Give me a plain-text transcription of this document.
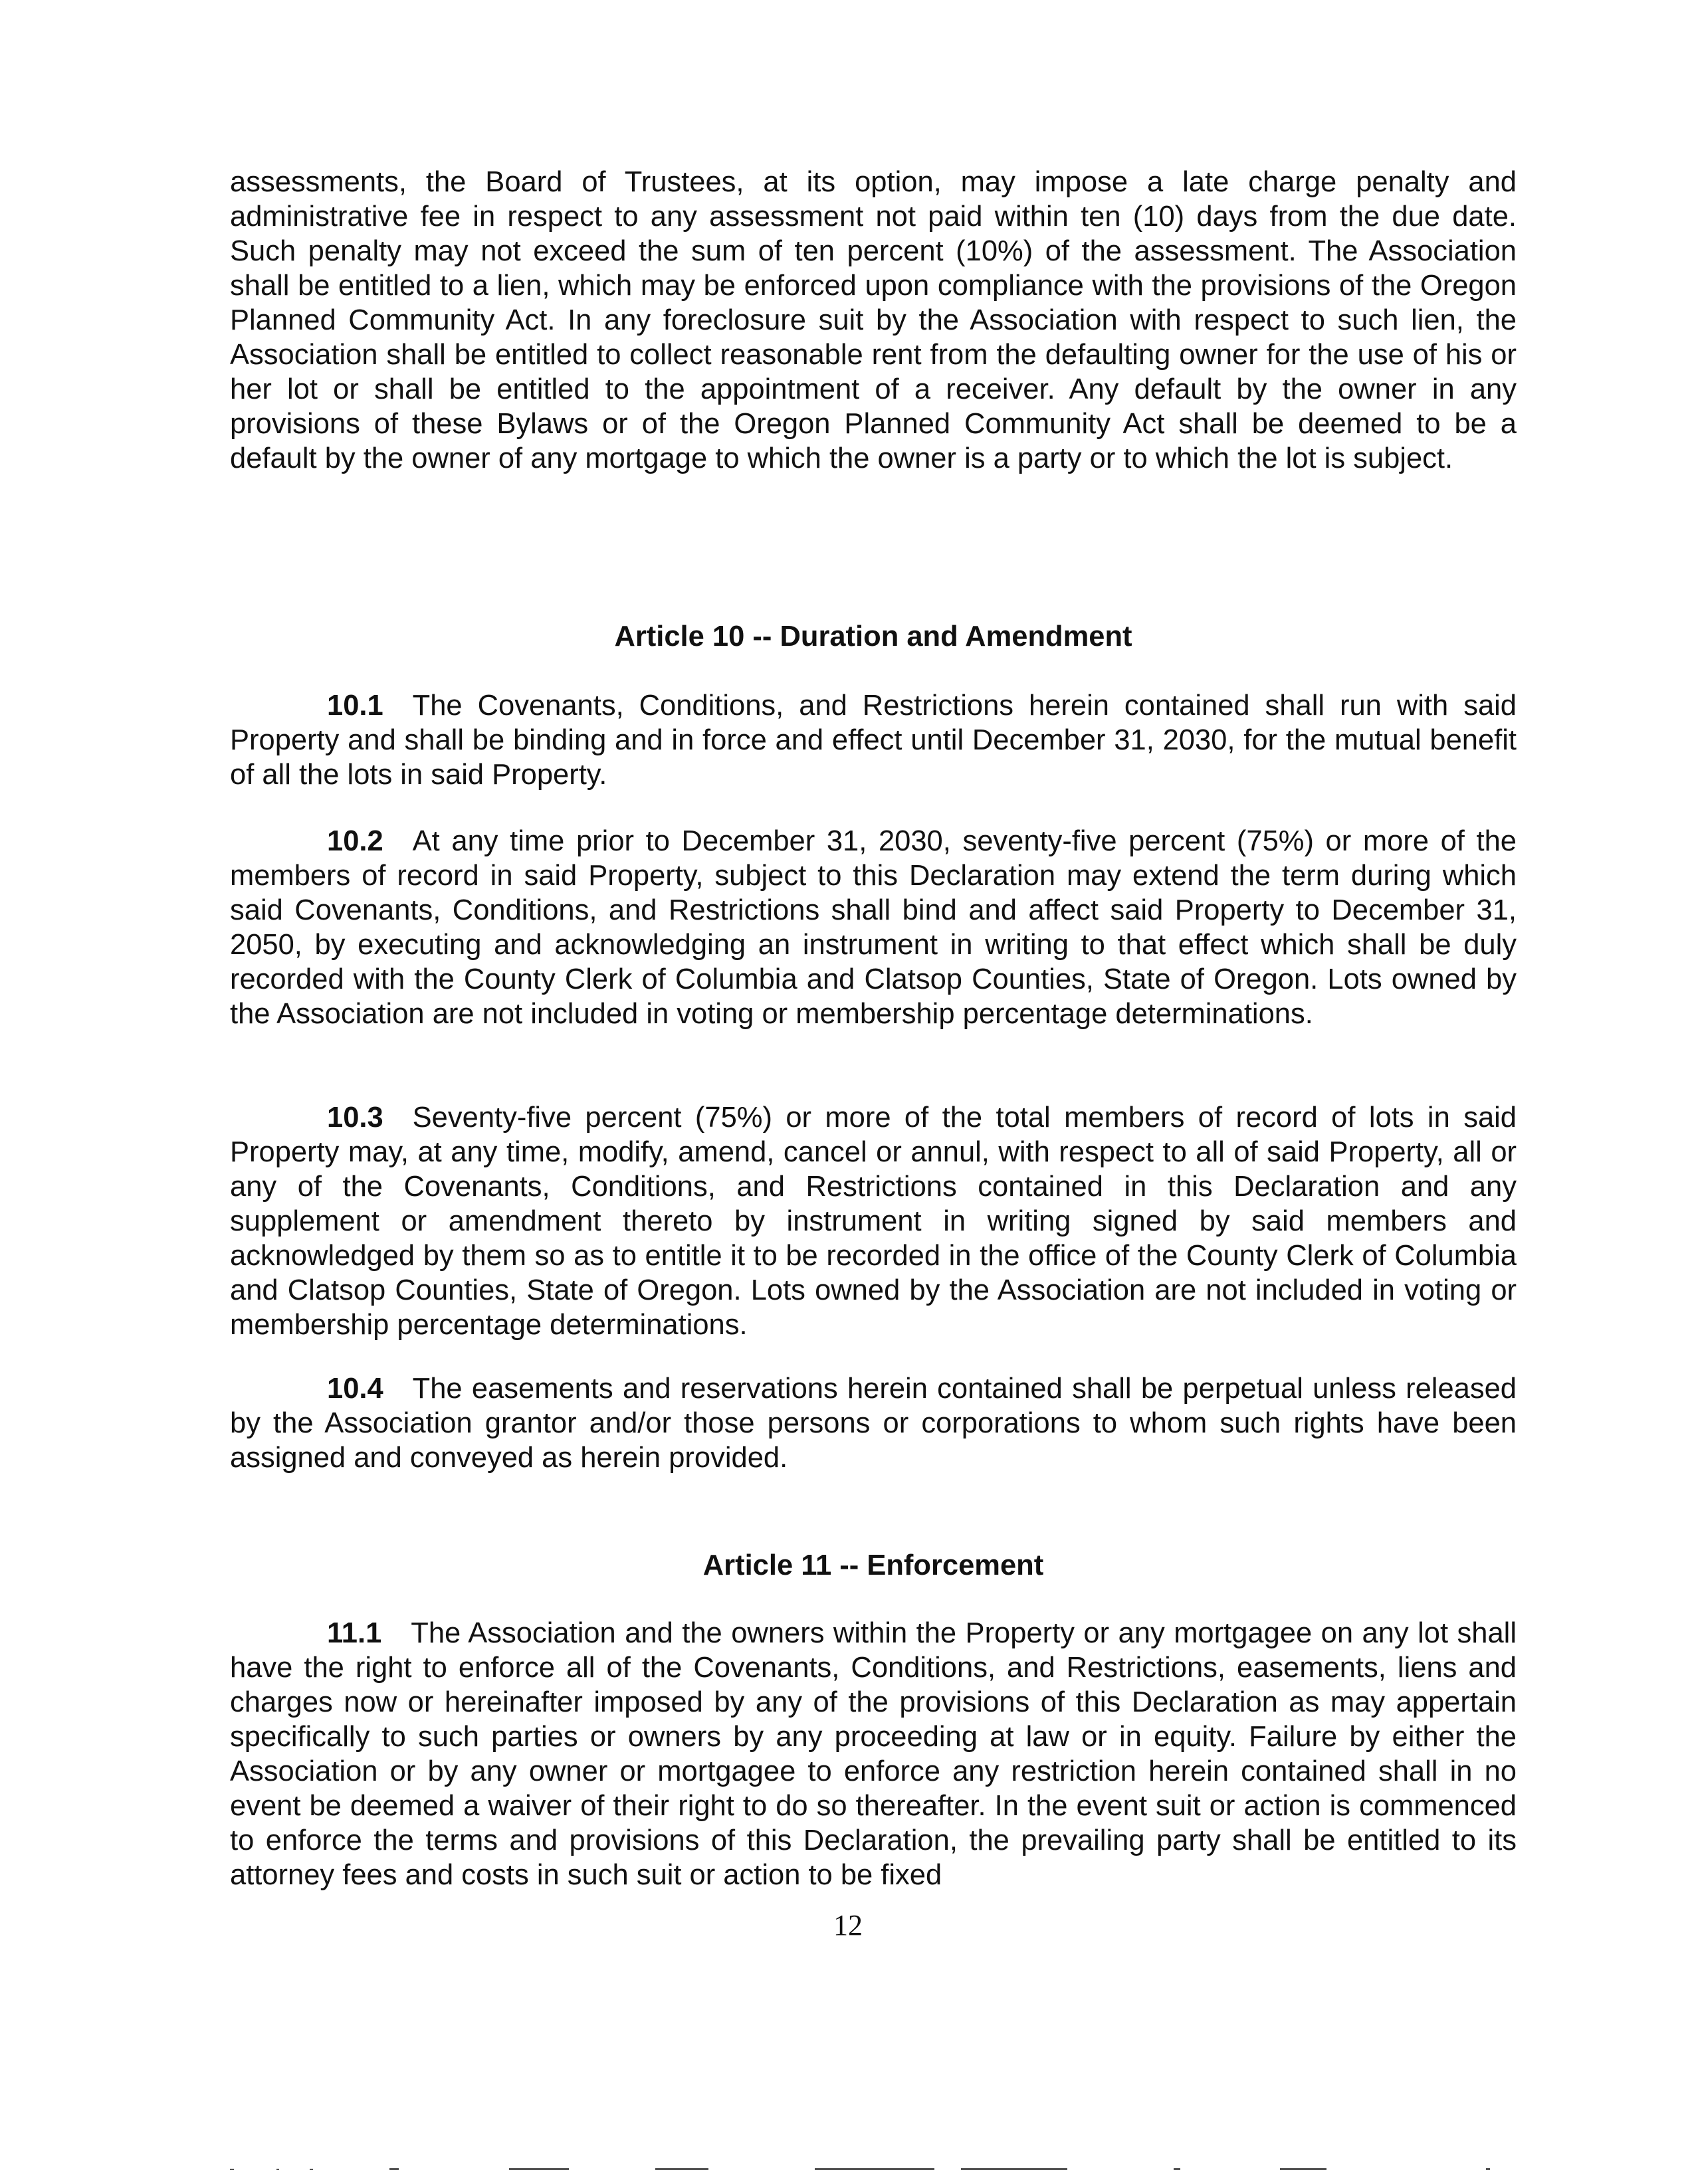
assessments, the Board of Trustees, at its option, may impose a late charge penalty and administrative fee in respect to any assessment not paid within ten (10) days from the due date. Such penalty may not exceed the sum of ten percent (10%) of the assessment. The Association shall be entitled to a lien, which may be enforced upon compliance with the provisions of the Oregon Planned Community Act. In any foreclosure suit by the Association with respect to such lien, the Association shall be entitled to collect reasonable rent from the defaulting owner for the use of his or her lot or shall be entitled to the appointment of a receiver. Any default by the owner in any provisions of these Bylaws or of the Oregon Planned Community Act shall be deemed to be a default by the owner of any mortgage to which the owner is a party or to which the lot is subject.

Article 10 -- Duration and Amendment

10.1 The Covenants, Conditions, and Restrictions herein contained shall run with said Property and shall be binding and in force and effect until December 31, 2030, for the mutual benefit of all the lots in said Property.

10.2 At any time prior to December 31, 2030, seventy-five percent (75%) or more of the members of record in said Property, subject to this Declaration may extend the term during which said Covenants, Conditions, and Restrictions shall bind and affect said Property to December 31, 2050, by executing and acknowledging an instrument in writing to that effect which shall be duly recorded with the County Clerk of Columbia and Clatsop Counties, State of Oregon. Lots owned by the Association are not included in voting or membership percentage determinations.

10.3 Seventy-five percent (75%) or more of the total members of record of lots in said Property may, at any time, modify, amend, cancel or annul, with respect to all of said Property, all or any of the Covenants, Conditions, and Restrictions contained in this Declaration and any supplement or amendment thereto by instrument in writing signed by said members and acknowledged by them so as to entitle it to be recorded in the office of the County Clerk of Columbia and Clatsop Counties, State of Oregon. Lots owned by the Association are not included in voting or membership percentage determinations.

10.4 The easements and reservations herein contained shall be perpetual unless released by the Association grantor and/or those persons or corporations to whom such rights have been assigned and conveyed as herein provided.

Article 11 -- Enforcement

11.1 The Association and the owners within the Property or any mortgagee on any lot shall have the right to enforce all of the Covenants, Conditions, and Restrictions, easements, liens and charges now or hereinafter imposed by any of the provisions of this Declaration as may appertain specifically to such parties or owners by any proceeding at law or in equity. Failure by either the Association or by any owner or mortgagee to enforce any restriction herein contained shall in no event be deemed a waiver of their right to do so thereafter. In the event suit or action is commenced to enforce the terms and provisions of this Declaration, the prevailing party shall be entitled to its attorney fees and costs in such suit or action to be fixed

12
